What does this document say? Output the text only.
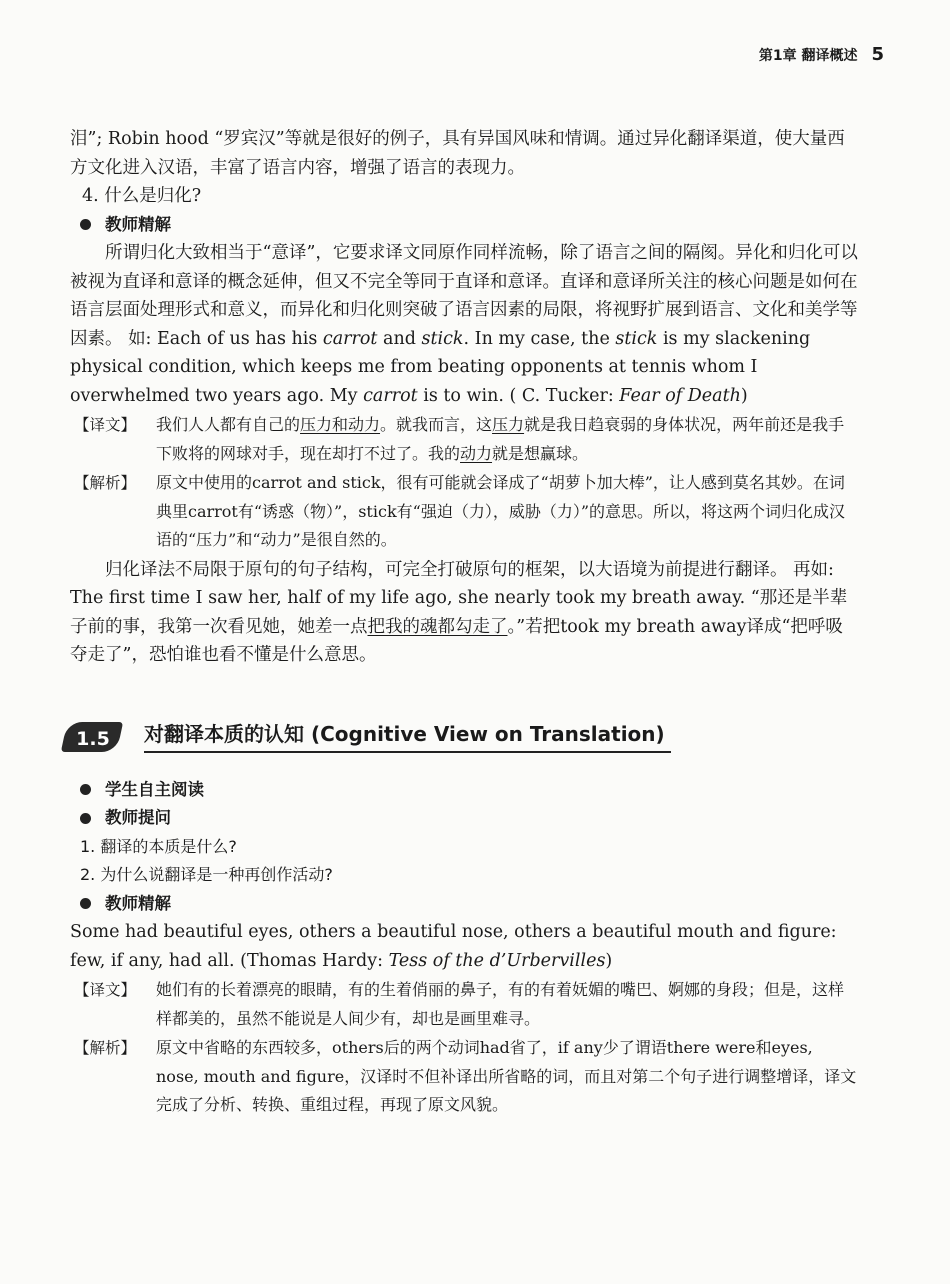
第1章 翻译概述 5

泪”; Robin hood “罗宾汉”等就是很好的例子，具有异国风味和情调。通过异化翻译渠道，使大量西方文化进入汉语，丰富了语言内容，增强了语言的表现力。

4. 什么是归化?

教师精解

所谓归化大致相当于“意译”，它要求译文同原作同样流畅，除了语言之间的隔阂。异化和归化可以被视为直译和意译的概念延伸，但又不完全等同于直译和意译。直译和意译所关注的核心问题是如何在语言层面处理形式和意义，而异化和归化则突破了语言因素的局限，将视野扩展到语言、文化和美学等因素。 如: Each of us has his carrot and stick. In my case, the stick is my slackening physical condition, which keeps me from beating opponents at tennis whom I overwhelmed two years ago. My carrot is to win. ( C. Tucker: Fear of Death)

【译文】	我们人人都有自己的压力和动力。就我而言，这压力就是我日趋衰弱的身体状况，两年前还是我手下败将的网球对手，现在却打不过了。我的动力就是想赢球。
【解析】	原文中使用的carrot and stick，很有可能就会译成了“胡萝卜加大棒”，让人感到莫名其妙。在词典里carrot有“诱惑（物）”，stick有“强迫（力），威胁（力）”的意思。所以，将这两个词归化成汉语的“压力”和“动力”是很自然的。

归化译法不局限于原句的句子结构，可完全打破原句的框架，以大语境为前提进行翻译。 再如: The first time I saw her, half of my life ago, she nearly took my breath away. “那还是半辈子前的事，我第一次看见她，她差一点把我的魂都勾走了。”若把took my breath away译成“把呼吸夺走了”，恐怕谁也看不懂是什么意思。

1.5	对翻译本质的认知 (Cognitive View on Translation)
学生自主阅读
教师提问

1. 翻译的本质是什么?

2. 为什么说翻译是一种再创作活动?

教师精解

Some had beautiful eyes, others a beautiful nose, others a beautiful mouth and figure: few, if any, had all. (Thomas Hardy: Tess of the d’Urbervilles)

【译文】	她们有的长着漂亮的眼睛，有的生着俏丽的鼻子，有的有着妩媚的嘴巴、婀娜的身段；但是，这样样都美的，虽然不能说是人间少有，却也是画里难寻。
【解析】	原文中省略的东西较多，others后的两个动词had省了，if any少了谓语there were和eyes, nose, mouth and figure，汉译时不但补译出所省略的词，而且对第二个句子进行调整增译，译文完成了分析、转换、重组过程，再现了原文风貌。
